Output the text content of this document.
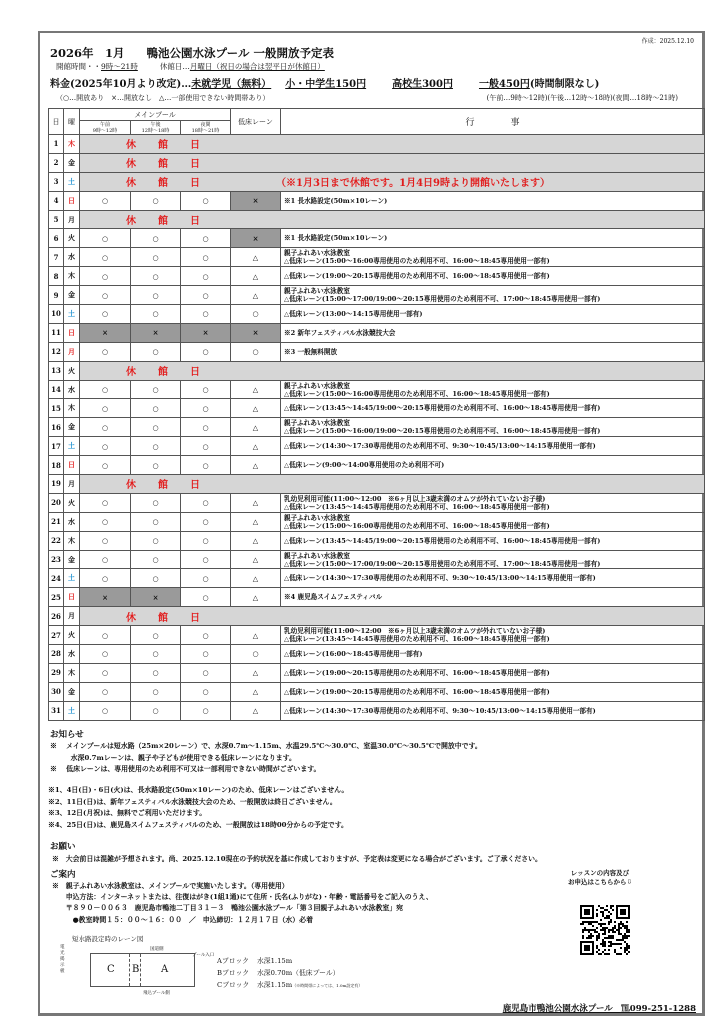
作成：2025.12.10
2026年　1月 鴨池公園水泳プール 一般開放予定表
開館時間・・9時～21時	休館日…月曜日（祝日の場合は翌平日が休館日）
料金(2025年10月より改定)…未就学児（無料） 小・中学生150円	高校生300円	一般450円(時間制限なし)
（○…開放あり　×…開放なし　△…一部使用できない時間帯あり）	(午前…9時～12時)(午後…12時～18時)(夜間…18時～21時)
日	曜	メインプール			低床レーン	行　　　　事
		午前
9時～12時	午後
12時～18時	夜間
18時～21時		
1	木	休館日				
2	金	休館日				
3	土	休館日 （※1月3日まで休館です。1月4日9時より開館いたします）				
4	日	○	○	○	×	※1 長水路設定(50m×10レーン)

5	月	休館日				
6	火	○	○	○	×	※1 長水路設定(50m×10レーン)

7	水	○	○	○	△	親子ふれあい水泳教室
△低床レーン(15:00～16:00専用使用のため利用不可、16:00～18:45専用使用一部有)

8	木	○	○	○	△	△低床レーン(19:00～20:15専用使用のため利用不可、16:00～18:45専用使用一部有)

9	金	○	○	○	△	親子ふれあい水泳教室
△低床レーン(15:00～17:00/19:00～20:15専用使用のため利用不可、17:00～18:45専用使用一部有)

10	土	○	○	○	○	△低床レーン(13:00～14:15専用使用一部有)

11	日	×	×	×	×	※2 新年フェスティバル水泳競技大会

12	月	○	○	○	○	※3 一般無料開放

13	火	休館日				
14	水	○	○	○	△	親子ふれあい水泳教室
△低床レーン(15:00～16:00専用使用のため利用不可、16:00～18:45専用使用一部有)

15	木	○	○	○	△	△低床レーン(13:45～14:45/19:00～20:15専用使用のため利用不可、16:00～18:45専用使用一部有)

16	金	○	○	○	△	親子ふれあい水泳教室
△低床レーン(15:00～16:00/19:00～20:15専用使用のため利用不可、16:00～18:45専用使用一部有)

17	土	○	○	○	△	△低床レーン(14:30～17:30専用使用のため利用不可、9:30～10:45/13:00～14:15専用使用一部有)

18	日	○	○	○	△	△低床レーン(9:00～14:00専用使用のため利用不可)

19	月	休館日				
20	火	○	○	○	△	乳幼児利用可能(11:00～12:00　※6ヶ月以上3歳未満のオムツが外れていないお子様)
△低床レーン(13:45～14:45専用使用のため利用不可、16:00～18:45専用使用一部有)

21	水	○	○	○	△	親子ふれあい水泳教室
△低床レーン(15:00～16:00専用使用のため利用不可、16:00～18:45専用使用一部有)

22	木	○	○	○	△	△低床レーン(13:45～14:45/19:00～20:15専用使用のため利用不可、16:00～18:45専用使用一部有)

23	金	○	○	○	△	親子ふれあい水泳教室
△低床レーン(15:00～17:00/19:00～20:15専用使用のため利用不可、17:00～18:45専用使用一部有)

24	土	○	○	○	△	△低床レーン(14:30～17:30専用使用のため利用不可、9:30～10:45/13:00～14:15専用使用一部有)

25	日	×	×	○	△	※4 鹿児島スイムフェスティバル

26	月	休館日				
27	火	○	○	○	△	乳幼児利用可能(11:00～12:00　※6ヶ月以上3歳未満のオムツが外れていないお子様)
△低床レーン(13:45～14:45専用使用のため利用不可、16:00～18:45専用使用一部有)

28	水	○	○	○	○	△低床レーン(16:00～18:45専用使用一部有)

29	木	○	○	○	△	△低床レーン(19:00～20:15専用使用のため利用不可、16:00～18:45専用使用一部有)

30	金	○	○	○	△	△低床レーン(19:00～20:15専用使用のため利用不可、16:00～18:45専用使用一部有)

31	土	○	○	○	△	△低床レーン(14:30～17:30専用使用のため利用不可、9:30～10:45/13:00～14:15専用使用一部有)
お知らせ
※　 メインプールは短水路（25m×20レーン）で、水深0.7m～1.15m、水温29.5℃～30.0℃、室温30.0℃～30.5℃で開放中です。
　　　水深0.7mレーンは、親子や子どもが使用できる低床レーンになります。
※　 低床レーンは、専用使用のため利用不可又は一部利用できない時間がございます。
※1、4日(日)・6日(火)は、長水路設定(50m×10レーン)のため、低床レーンはございません。
※2、11日(日)は、新年フェスティバル水泳競技大会のため、一般開放は終日ございません。
※3、12日(月祝)は、無料でご利用いただけます。
※4、25日(日)は、鹿児島スイムフェスティバルのため、一般開放は18時00分からの予定です。
お願い
※　大会前日は混雑が予想されます。尚、2025.12.10現在の予約状況を基に作成しておりますが、予定表は変更になる場合がございます。ご了承ください。
ご案内
※　親子ふれあい水泳教室は、メインプールで実施いたします。（専用使用）
　　申込方法：インターネットまたは、往復はがき(1組1通)にて住所・氏名(ふりがな)・年齢・電話番号をご記入のうえ、
　　〒８９０－００６３　鹿児島市鴨池二丁目３１－３　鴨池公園水泳プール「第３回親子ふれあい水泳教室」宛
　　　●教室時間１５：００～１６：００　／　申込締切：１２月１７日（水）必着
短水路設定時のレーン図
電光掲示板
国道側
飛込プール側
プール入口
C B A
Aブロック 水深1.15m
Bブロック 水深0.70m（低床プール）
Cブロック 水深1.15m（※時間帯によっては、1.0m設定有）
レッスンの内容及び
お申込はこちらから⇩
鹿児島市鴨池公園水泳プール　℡099-251-1288
